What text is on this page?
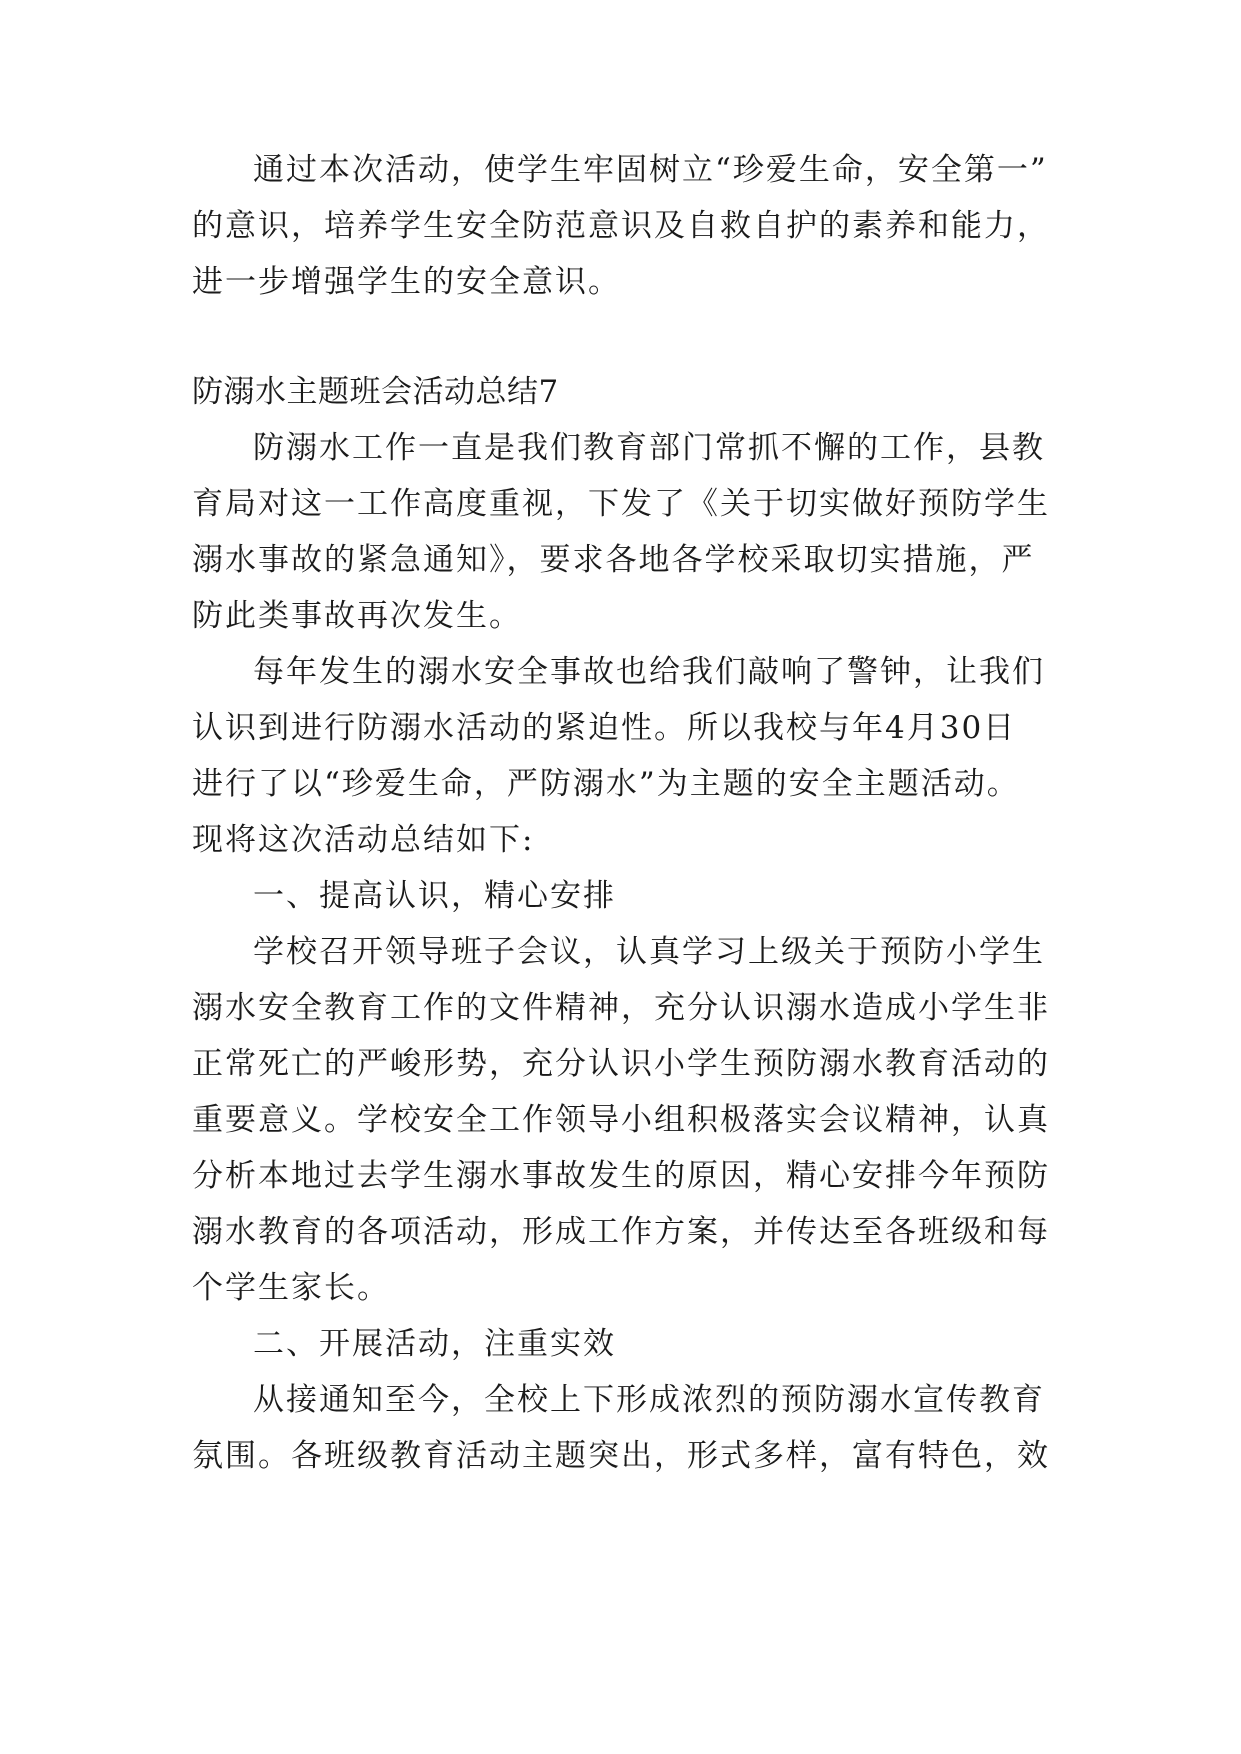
通过本次活动，使学生牢固树立“珍爱生命，安全第一”
的意识，培养学生安全防范意识及自救自护的素养和能力，
进一步增强学生的安全意识。
防溺水主题班会活动总结7
防溺水工作一直是我们教育部门常抓不懈的工作，县教
育局对这一工作高度重视，下发了《关于切实做好预防学生
溺水事故的紧急通知》，要求各地各学校采取切实措施，严
防此类事故再次发生。
每年发生的溺水安全事故也给我们敲响了警钟，让我们
认识到进行防溺水活动的紧迫性。所以我校与年4月30日
进行了以“珍爱生命，严防溺水”为主题的安全主题活动。
现将这次活动总结如下:
一、提高认识，精心安排
学校召开领导班子会议，认真学习上级关于预防小学生
溺水安全教育工作的文件精神，充分认识溺水造成小学生非
正常死亡的严峻形势，充分认识小学生预防溺水教育活动的
重要意义。学校安全工作领导小组积极落实会议精神，认真
分析本地过去学生溺水事故发生的原因，精心安排今年预防
溺水教育的各项活动，形成工作方案，并传达至各班级和每
个学生家长。
二、开展活动，注重实效
从接通知至今，全校上下形成浓烈的预防溺水宣传教育
氛围。各班级教育活动主题突出，形式多样，富有特色，效
